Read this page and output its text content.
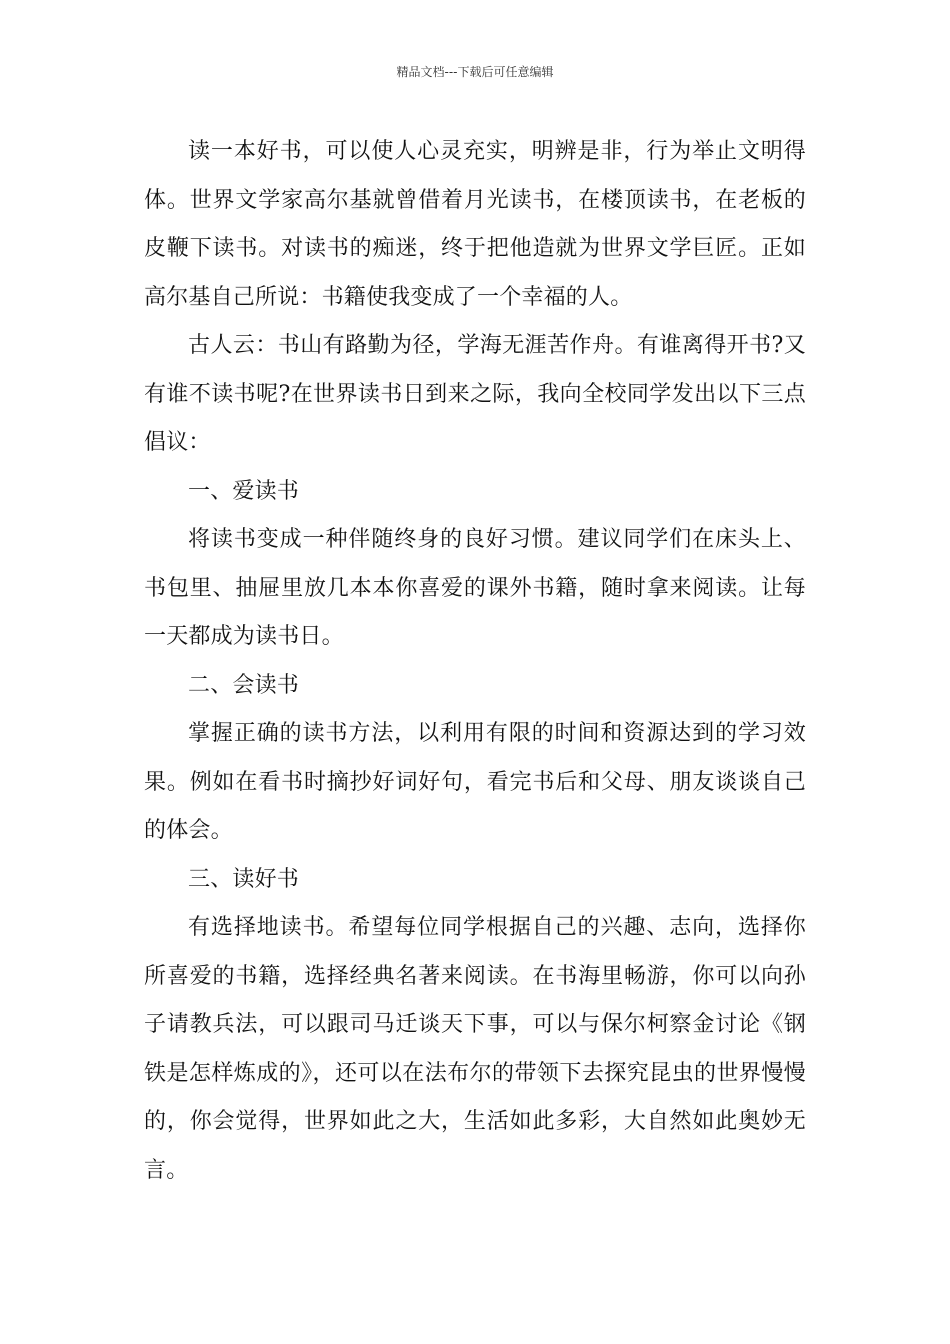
精品文档---下载后可任意编辑

读一本好书，可以使人心灵充实，明辨是非，行为举止文明得体。世界文学家高尔基就曾借着月光读书，在楼顶读书，在老板的皮鞭下读书。对读书的痴迷，终于把他造就为世界文学巨匠。正如高尔基自己所说：书籍使我变成了一个幸福的人。

古人云：书山有路勤为径，学海无涯苦作舟。有谁离得开书?又有谁不读书呢?在世界读书日到来之际，我向全校同学发出以下三点倡议：

一、爱读书

将读书变成一种伴随终身的良好习惯。建议同学们在床头上、书包里、抽屉里放几本本你喜爱的课外书籍，随时拿来阅读。让每一天都成为读书日。

二、会读书

掌握正确的读书方法，以利用有限的时间和资源达到的学习效果。例如在看书时摘抄好词好句，看完书后和父母、朋友谈谈自己的体会。

三、读好书

有选择地读书。希望每位同学根据自己的兴趣、志向，选择你所喜爱的书籍，选择经典名著来阅读。在书海里畅游，你可以向孙子请教兵法，可以跟司马迁谈天下事，可以与保尔柯察金讨论《钢铁是怎样炼成的》，还可以在法布尔的带领下去探究昆虫的世界慢慢的，你会觉得，世界如此之大，生活如此多彩，大自然如此奥妙无言。
